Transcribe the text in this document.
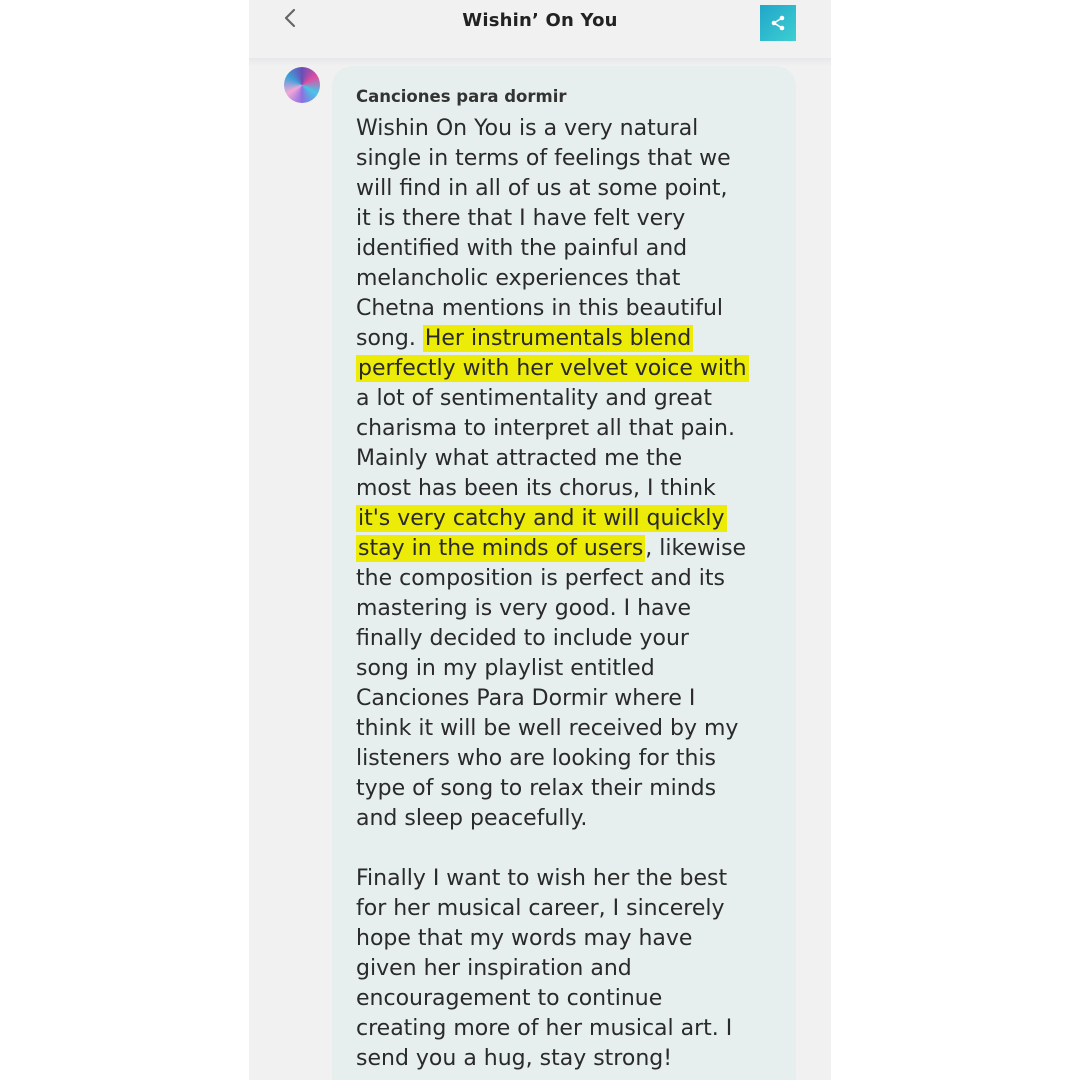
Wishin’ On You
Canciones para dormir
Wishin On You is a very natural
single in terms of feelings that we
will find in all of us at some point,
it is there that I have felt very
identified with the painful and
melancholic experiences that
Chetna mentions in this beautiful
song. Her instrumentals blend
perfectly with her velvet voice with
a lot of sentimentality and great
charisma to interpret all that pain.
Mainly what attracted me the
most has been its chorus, I think
it's very catchy and it will quickly
stay in the minds of users, likewise
the composition is perfect and its
mastering is very good. I have
finally decided to include your
song in my playlist entitled
Canciones Para Dormir where I
think it will be well received by my
listeners who are looking for this
type of song to relax their minds
and sleep peacefully.
Finally I want to wish her the best
for her musical career, I sincerely
hope that my words may have
given her inspiration and
encouragement to continue
creating more of her musical art. I
send you a hug, stay strong!
